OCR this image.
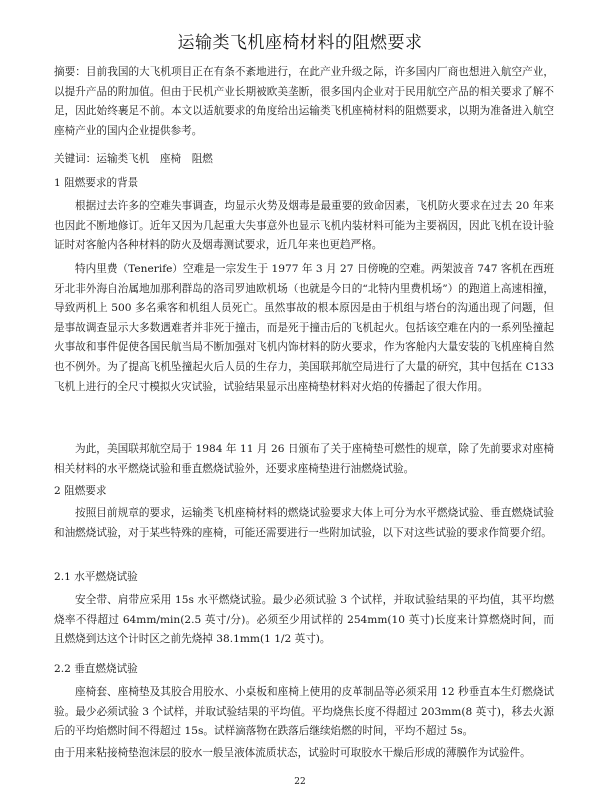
运输类飞机座椅材料的阻燃要求

摘要：目前我国的大飞机项目正在有条不紊地进行，在此产业升级之际，许多国内厂商也想进入航空产业，以提升产品的附加值。但由于民机产业长期被欧美垄断，很多国内企业对于民用航空产品的相关要求了解不足，因此始终裹足不前。本文以适航要求的角度给出运输类飞机座椅材料的阻燃要求，以期为准备进入航空座椅产业的国内企业提供参考。

关键词：运输类飞机　座椅　阻燃
1 阻燃要求的背景

根据过去许多的空难失事调查，均显示火势及烟毒是最重要的致命因素，飞机防火要求在过去 20 年来也因此不断地修订。近年又因为几起重大失事意外也显示飞机内装材料可能为主要祸因，因此飞机在设计验证时对客舱内各种材料的防火及烟毒测试要求，近几年来也更趋严格。

特内里费（Tenerife）空难是一宗发生于 1977 年 3 月 27 日傍晚的空难。两架波音 747 客机在西班牙北非外海自治属地加那利群岛的洛司罗迪欧机场（也就是今日的“北特内里费机场”）的跑道上高速相撞，导致两机上 500 多名乘客和机组人员死亡。虽然事故的根本原因是由于机组与塔台的沟通出现了问题，但是事故调查显示大多数遇难者并非死于撞击，而是死于撞击后的飞机起火。包括该空难在内的一系列坠撞起火事故和事件促使各国民航当局不断加强对飞机内饰材料的防火要求，作为客舱内大量安装的飞机座椅自然也不例外。为了提高飞机坠撞起火后人员的生存力，美国联邦航空局进行了大量的研究，其中包括在 C133 飞机上进行的全尺寸模拟火灾试验，试验结果显示出座椅垫材料对火焰的传播起了很大作用。

为此，美国联邦航空局于 1984 年 11 月 26 日颁布了关于座椅垫可燃性的规章，除了先前要求对座椅相关材料的水平燃烧试验和垂直燃烧试验外，还要求座椅垫进行油燃烧试验。

2 阻燃要求

按照目前规章的要求，运输类飞机座椅材料的燃烧试验要求大体上可分为水平燃烧试验、垂直燃烧试验和油燃烧试验，对于某些特殊的座椅，可能还需要进行一些附加试验，以下对这些试验的要求作简要介绍。

2.1 水平燃烧试验

安全带、肩带应采用 15s 水平燃烧试验。最少必须试验 3 个试样，并取试验结果的平均值，其平均燃烧率不得超过 64mm/min(2.5 英寸/分)。必须至少用试样的 254mm(10 英寸)长度来计算燃烧时间，而且燃烧到达这个计时区之前先烧掉 38.1mm(1 1/2 英寸)。

2.2 垂直燃烧试验

座椅套、座椅垫及其胶合用胶水、小桌板和座椅上使用的皮革制品等必须采用 12 秒垂直本生灯燃烧试验。最少必须试验 3 个试样，并取试验结果的平均值。平均烧焦长度不得超过 203mm(8 英寸)，移去火源后的平均焰燃时间不得超过 15s。试样滴落物在跌落后继续焰燃的时间，平均不超过 5s。

由于用来粘接椅垫泡沫层的胶水一般呈液体流质状态，试验时可取胶水干燥后形成的薄膜作为试验件。

22
